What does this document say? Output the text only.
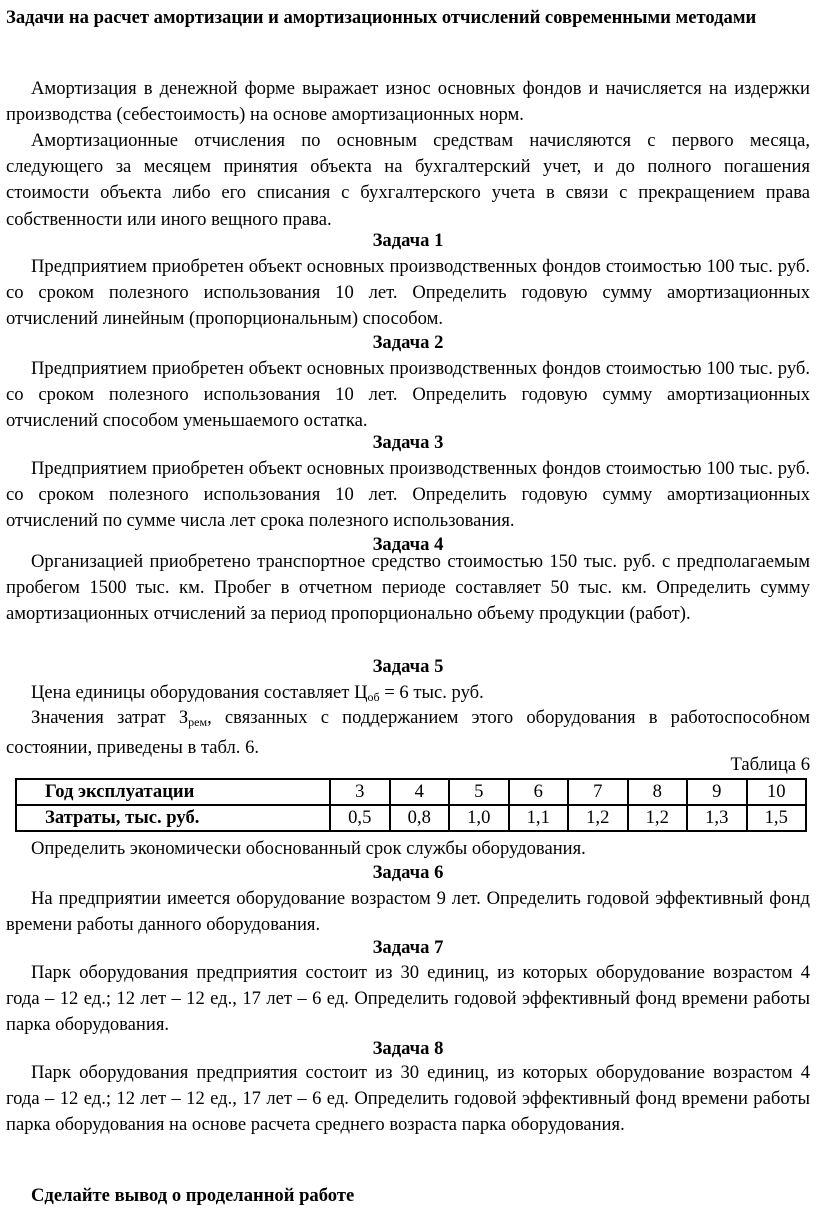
Задачи на расчет амортизации и амортизационных отчислений современными методами

Амортизация в денежной форме выражает износ основных фондов и начисляется на издержки производства (себестоимость) на основе амортизационных норм.

Амортизационные отчисления по основным средствам начисляются с первого месяца, следующего за месяцем принятия объекта на бухгалтерский учет, и до полного погашения стоимости объекта либо его списания с бухгалтерского учета в связи с прекращением права собственности или иного вещного права.

Задача 1

Предприятием приобретен объект основных производственных фондов стоимостью 100 тыс. руб. со сроком полезного использования 10 лет. Определить годовую сумму амортизационных отчислений линейным (пропорциональным) способом.

Задача 2

Предприятием приобретен объект основных производственных фондов стоимостью 100 тыс. руб. со сроком полезного использования 10 лет. Определить годовую сумму амортизационных отчислений способом уменьшаемого остатка.

Задача 3

Предприятием приобретен объект основных производственных фондов стоимостью 100 тыс. руб. со сроком полезного использования 10 лет. Определить годовую сумму амортизационных отчислений по сумме числа лет срока полезного использования.

Задача 4

Организацией приобретено транспортное средство стоимостью 150 тыс. руб. с предполагаемым пробегом 1500 тыс. км. Пробег в отчетном периоде составляет 50 тыс. км. Определить сумму амортизационных отчислений за период пропорционально объему продукции (работ).

Задача 5

Цена единицы оборудования составляет $Ц_{об} = 6$ тыс. руб.

Значения затрат $З_{рем}$, связанных с поддержанием этого оборудования в работоспособном состоянии, приведены в табл. 6.

Таблица 6

Год эксплуатации	3	4	5	6	7	8	9	10
Затраты, тыс. руб.	0,5	0,8	1,0	1,1	1,2	1,2	1,3	1,5

Определить экономически обоснованный срок службы оборудования.

Задача 6

На предприятии имеется оборудование возрастом 9 лет. Определить годовой эффективный фонд времени работы данного оборудования.

Задача 7

Парк оборудования предприятия состоит из 30 единиц, из которых оборудование возрастом 4 года – 12 ед.; 12 лет – 12 ед., 17 лет – 6 ед. Определить годовой эффективный фонд времени работы парка оборудования.

Задача 8

Парк оборудования предприятия состоит из 30 единиц, из которых оборудование возрастом 4 года – 12 ед.; 12 лет – 12 ед., 17 лет – 6 ед. Определить годовой эффективный фонд времени работы парка оборудования на основе расчета среднего возраста парка оборудования.

Сделайте вывод о проделанной работе
